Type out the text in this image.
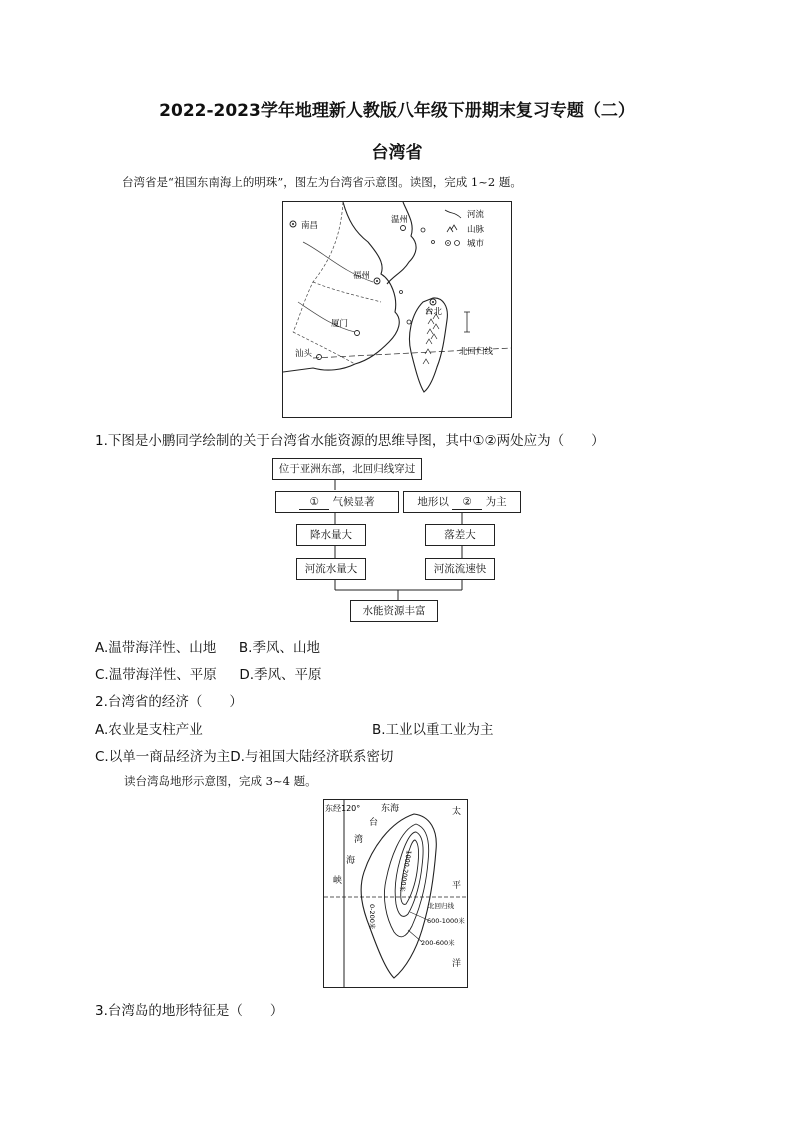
2022-2023学年地理新人教版八年级下册期末复习专题（二）
台湾省
台湾省是“祖国东南海上的明珠”，图左为台湾省示意图。读图，完成 1~2 题。
南昌
温州
福州
厦门
汕头
台北
北回归线
河流
山脉
城市
1.下图是小鹏同学绘制的关于台湾省水能资源的思维导图，其中①②两处应为（　　）
位于亚洲东部，北回归线穿过
① 气候显著	地形以 ② 为主
降水量大	落差大
河流水量大	河流流速快
水能资源丰富
A.温带海洋性、山地 B.季风、山地
C.温带海洋性、平原 D.季风、平原
2.台湾省的经济（　　）
A.农业是支柱产业	B.工业以重工业为主
C.以单一商品经济为主D.与祖国大陆经济联系密切
读台湾岛地形示意图，完成 3~4 题。
东经120° 东海
台
湾
海
峡
太
平
洋
北回归线
600-1000米
200-600米
0-200米
1000-2000米
3.台湾岛的地形特征是（　　）
